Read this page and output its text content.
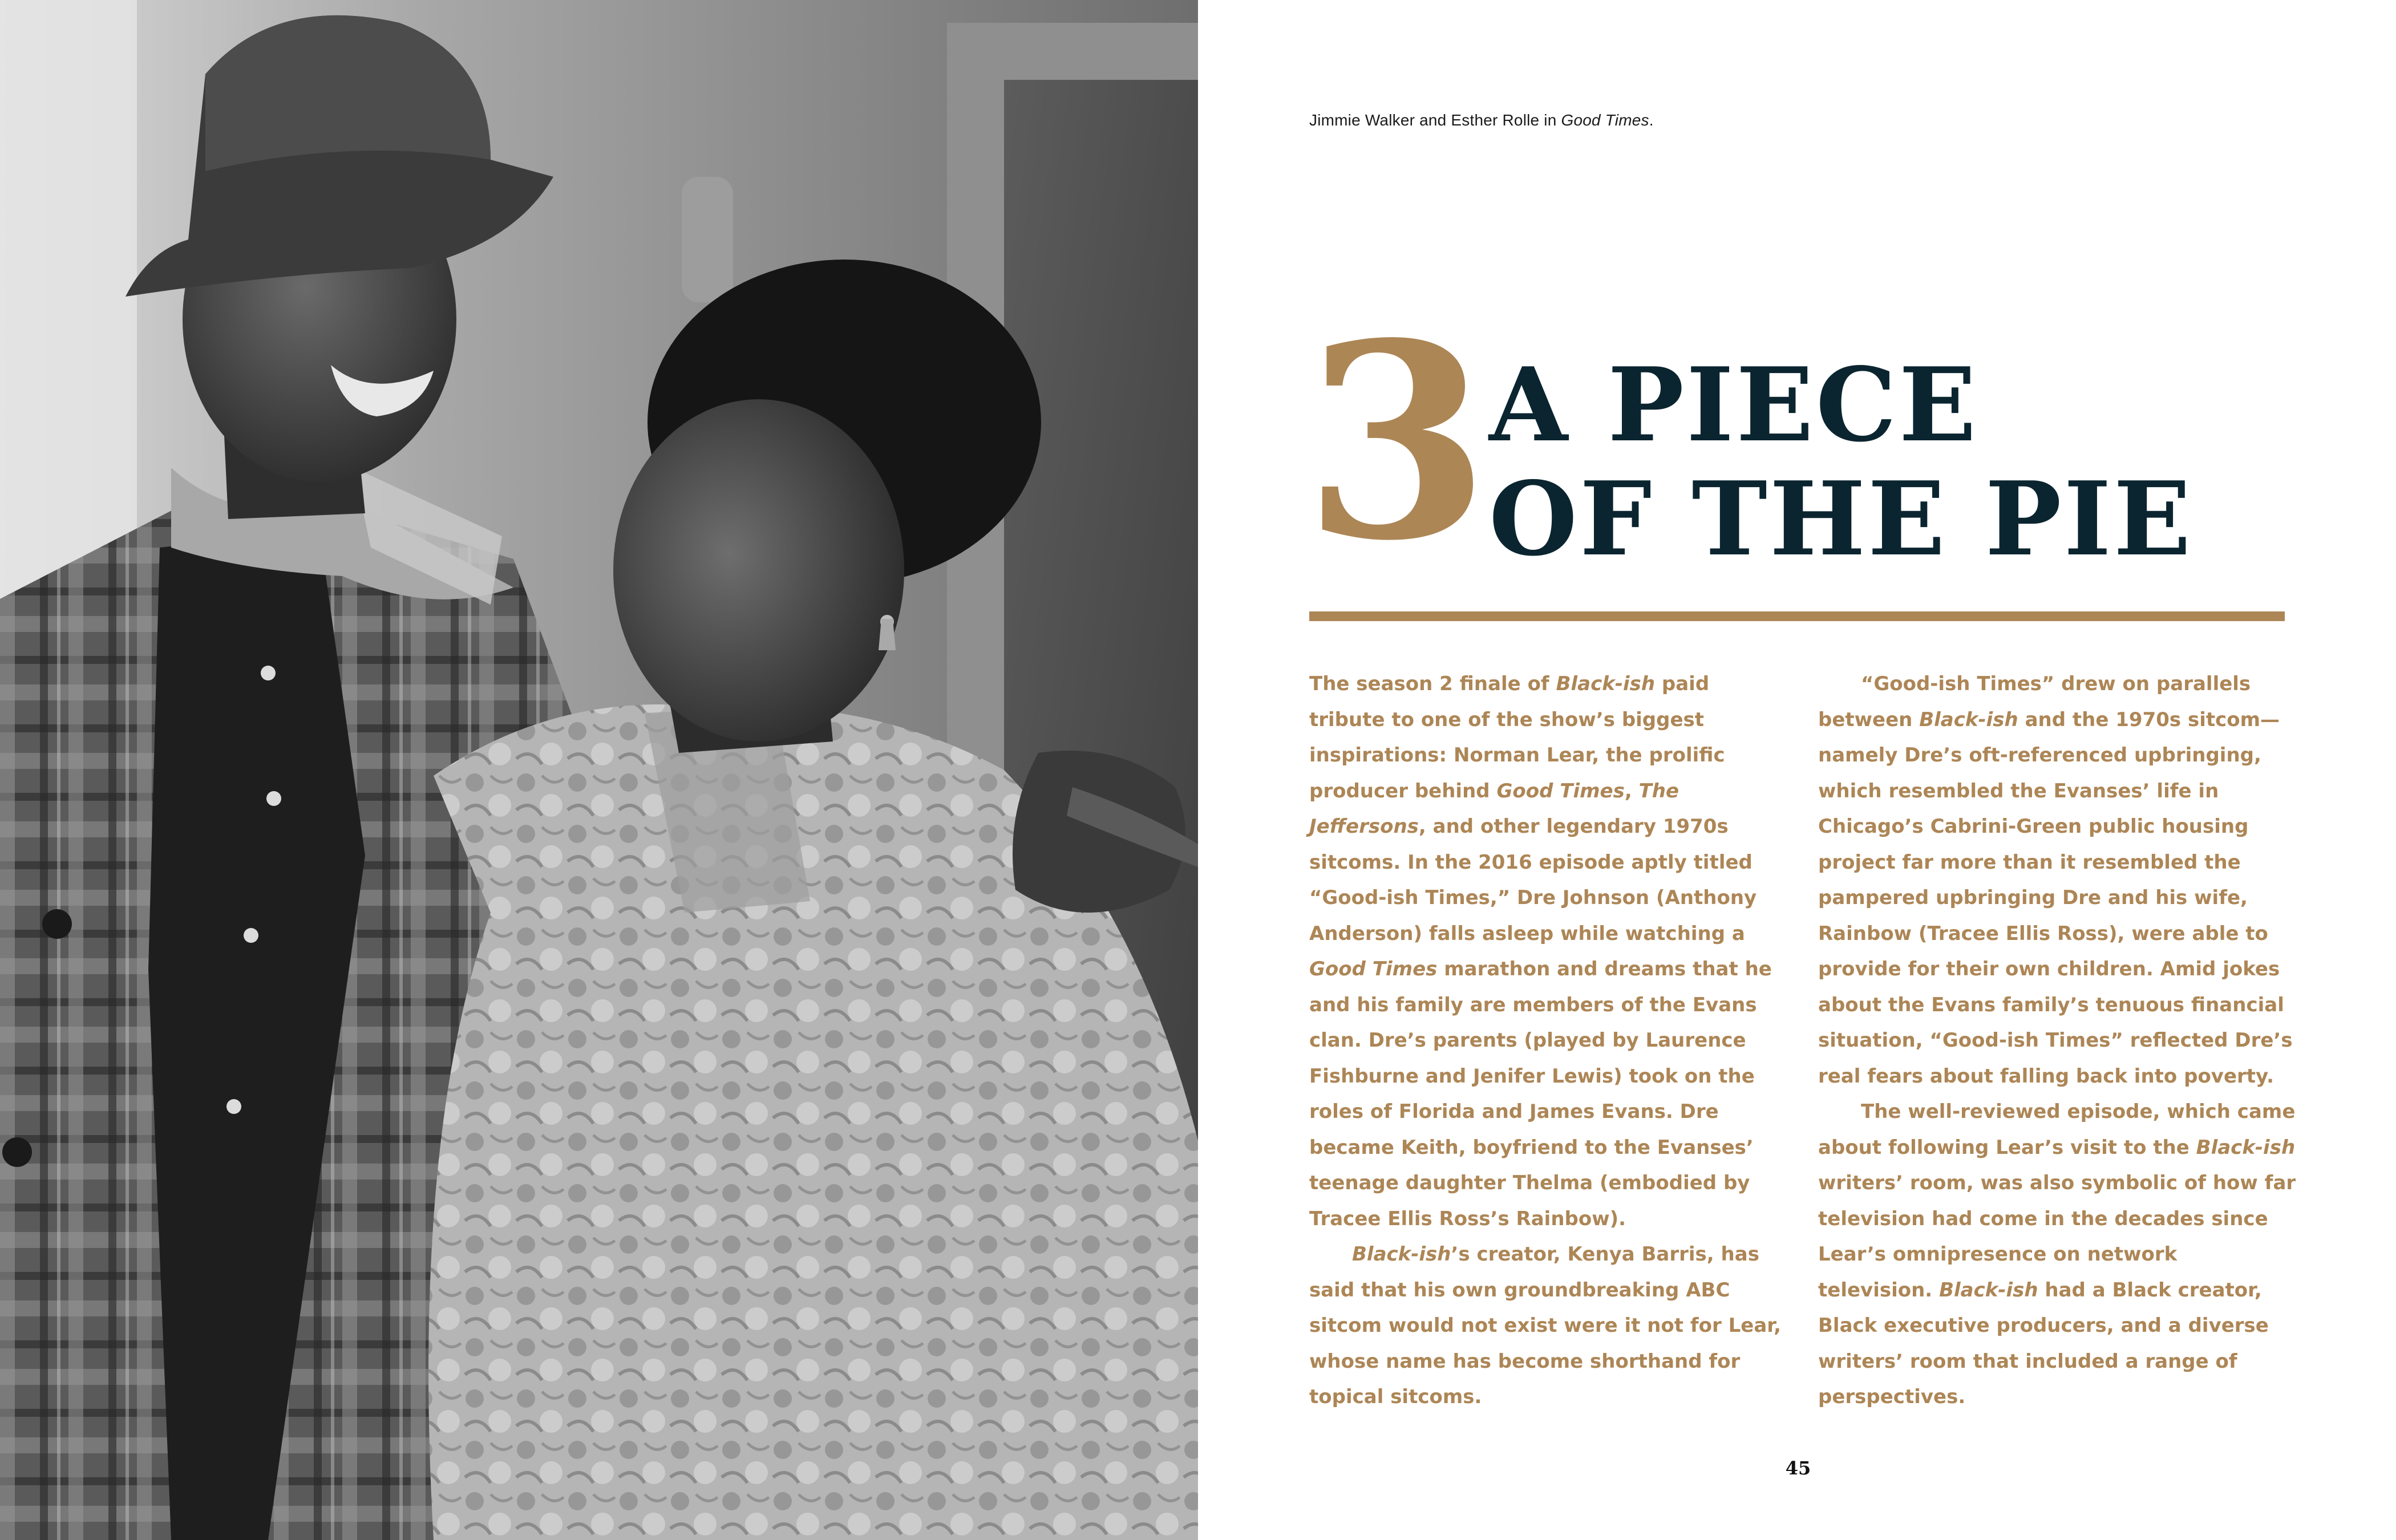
Jimmie Walker and Esther Rolle in Good Times.
3 A PIECE
OF THE PIE

The season 2 finale of Black-ish paid tribute to one of the show’s biggest inspirations: Norman Lear, the prolific producer behind Good Times, The Jeffersons, and other legendary 1970s sitcoms. In the 2016 episode aptly titled “Good-ish Times,” Dre Johnson (Anthony Anderson) falls asleep while watching a Good Times marathon and dreams that he and his family are members of the Evans clan. Dre’s parents (played by Laurence Fishburne and Jenifer Lewis) took on the roles of Florida and James Evans. Dre became Keith, boyfriend to the Evanses’ teenage daughter Thelma (embodied by Tracee Ellis Ross’s Rainbow).

Black-ish’s creator, Kenya Barris, has said that his own groundbreaking ABC sitcom would not exist were it not for Lear, whose name has become shorthand for topical sitcoms.

“Good-ish Times” drew on parallels between Black-ish and the 1970s sitcom—namely Dre’s oft-referenced upbringing, which resembled the Evanses’ life in Chicago’s Cabrini-Green public housing project far more than it resembled the pampered upbringing Dre and his wife, Rainbow (Tracee Ellis Ross), were able to provide for their own children. Amid jokes about the Evans family’s tenuous financial situation, “Good-ish Times” reflected Dre’s real fears about falling back into poverty.

The well-reviewed episode, which came about following Lear’s visit to the Black-ish writers’ room, was also symbolic of how far television had come in the decades since Lear’s omnipresence on network television. Black-ish had a Black creator, Black executive producers, and a diverse writers’ room that included a range of perspectives.

45
